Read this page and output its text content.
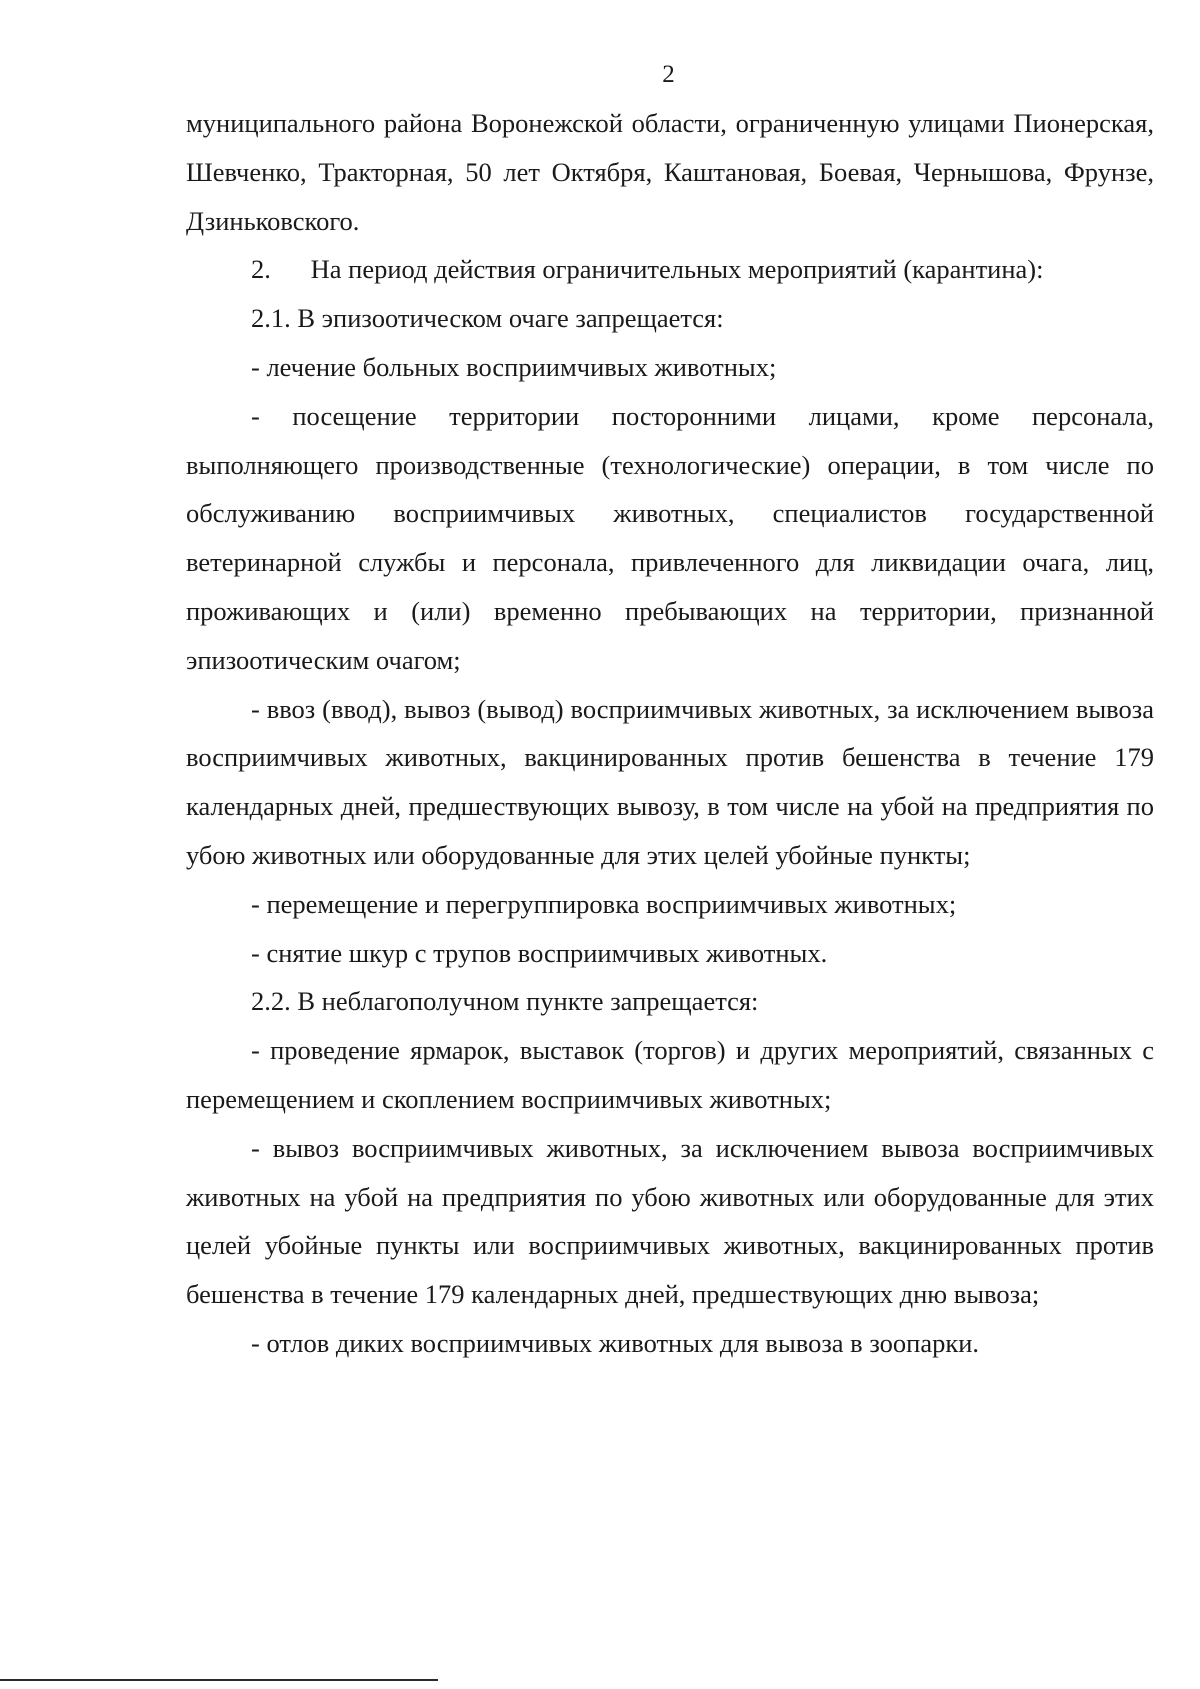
2

муниципального района Воронежской области, ограниченную улицами Пионерская, Шевченко, Тракторная, 50 лет Октября, Каштановая, Боевая, Чернышова, Фрунзе, Дзиньковского.

2.  На период действия ограничительных мероприятий (карантина):

2.1. В эпизоотическом очаге запрещается:

- лечение больных восприимчивых животных;

- посещение территории посторонними лицами, кроме персонала, выполняющего производственные (технологические) операции, в том числе по обслуживанию восприимчивых животных, специалистов государственной ветеринарной службы и персонала, привлеченного для ликвидации очага, лиц, проживающих и (или) временно пребывающих на территории, признанной эпизоотическим очагом;

- ввоз (ввод), вывоз (вывод) восприимчивых животных, за исключением вывоза восприимчивых животных, вакцинированных против бешенства в течение 179 календарных дней, предшествующих вывозу, в том числе на убой на предприятия по убою животных или оборудованные для этих целей убойные пункты;

- перемещение и перегруппировка восприимчивых животных;

- снятие шкур с трупов восприимчивых животных.

2.2. В неблагополучном пункте запрещается:

- проведение ярмарок, выставок (торгов) и других мероприятий, связанных с перемещением и скоплением восприимчивых животных;

- вывоз восприимчивых животных, за исключением вывоза восприимчивых животных на убой на предприятия по убою животных или оборудованные для этих целей убойные пункты или восприимчивых животных, вакцинированных против бешенства в течение 179 календарных дней, предшествующих дню вывоза;

- отлов диких восприимчивых животных для вывоза в зоопарки.
